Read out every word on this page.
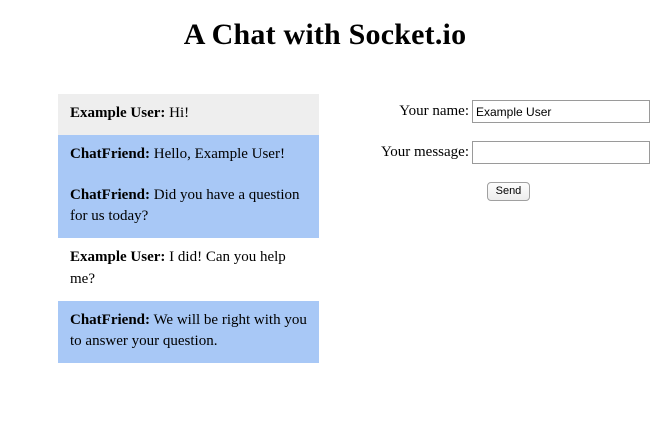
A Chat with Socket.io
Example User: Hi!
ChatFriend: Hello, Example User!
ChatFriend: Did you have a question for us today?
Example User: I did! Can you help me?
ChatFriend: We will be right with you to answer your question.
Your name:
Example User
Your message:
Send
